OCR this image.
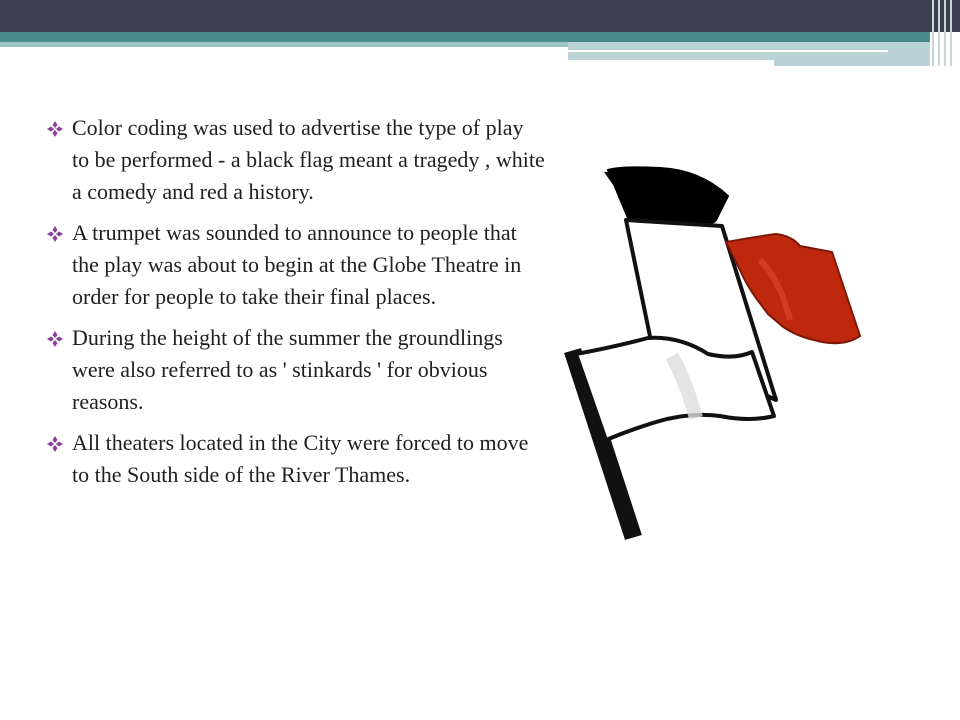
Color coding was used to advertise the type of play to be performed - a black flag meant a tragedy , white a comedy and red a history.
A trumpet was sounded to announce to people that the play was about to begin at the Globe Theatre in order for people to take their final places.
During the height of the summer the groundlings were also referred to as ' stinkards ' for obvious reasons.
All theaters located in the City were forced to move to the South side of the River Thames.
